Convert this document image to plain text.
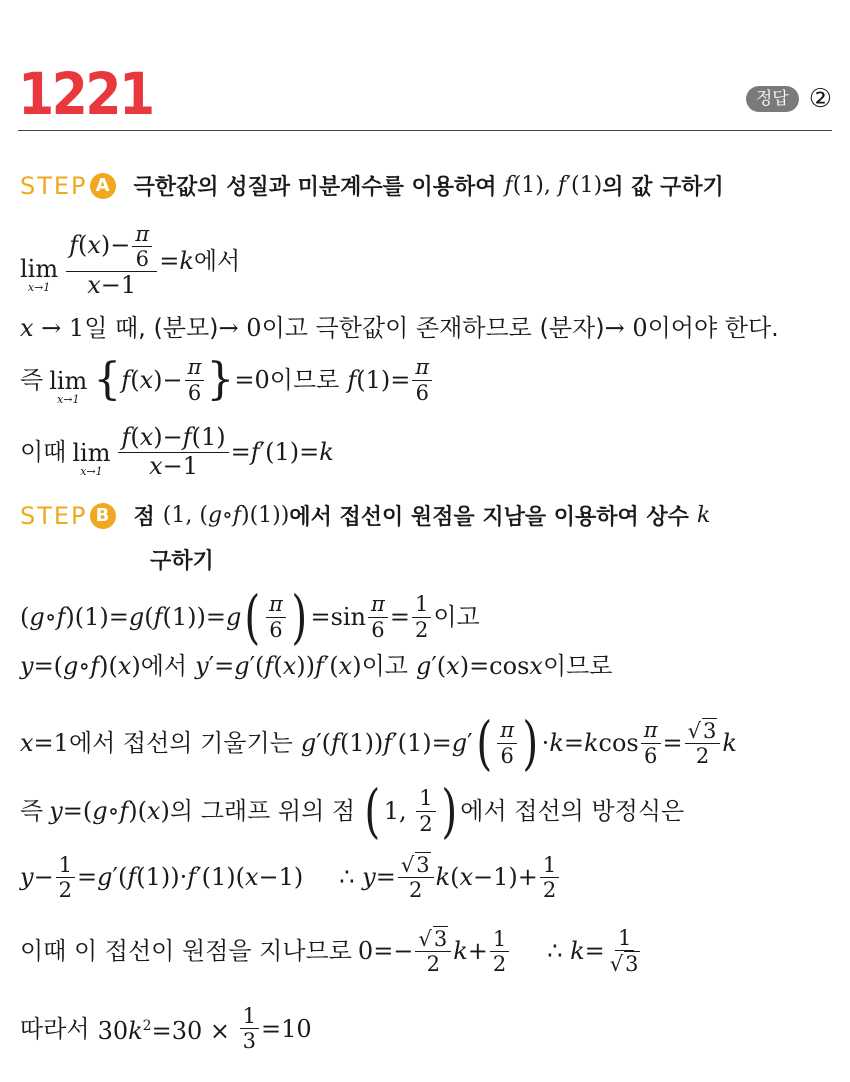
1221	정답 ②
STEP A 극한값의 성질과 미분계수를 이용하여 f(1), f′(1) 의 값 구하기
lim
$x\to 1 \frac{f(x)- \frac{\pi}{6}}{x-1} =k$ 에서
x → 1 일 때, (분모) → 0 이고 극한값이 존재하므로 (분자) → 0 이어야 한다.
즉 lim
x→1 { $f(x)- \frac{\pi}{6}$ } =0 이므로 $f(1)= \frac{\pi}{6}$
이때 lim
$x\to 1 \frac{f(x)-f(1)}{x-1} =f'(1)=k$
STEP B 점 (1, (g∘f)(1)) 에서 접선이 원점을 지남을 이용하여 상수 k
구하기
(g∘f)(1)=g(f(1))=g ( $\frac{\pi}{6}$ ) $=\sin \frac{\pi}{6} = \frac{1}{2}$ 이고
y=(g∘f)(x) 에서 y′=g′(f(x))f′(x) 이고 g′(x)=cosx 이므로
x=1 에서 접선의 기울기는 g′(f(1))f′(1)=g′ ( $\frac{\pi}{6}$ ) $\cdot k=kcos \frac{\pi}{6} = \frac{√3}{2}$ k
즉 y=(g∘f)(x) 의 그래프 위의 점 ( 1, $\frac{1}{2}$ ) 에서 접선의 방정식은
$y- \frac{1}{2} =g'(f(1))\cdot f'(1)(x-1)$ ∴ $y= \frac{√3}{2} k(x-1)+ \frac{1}{2}$
이때 이 접선이 원점을 지나므로 $0=- \frac{√3}{2} k+ \frac{1}{2}$ ∴ $k= \frac{1}{√3}$
따라서 $30k^2=30 \times \frac{1}{3} =10$
